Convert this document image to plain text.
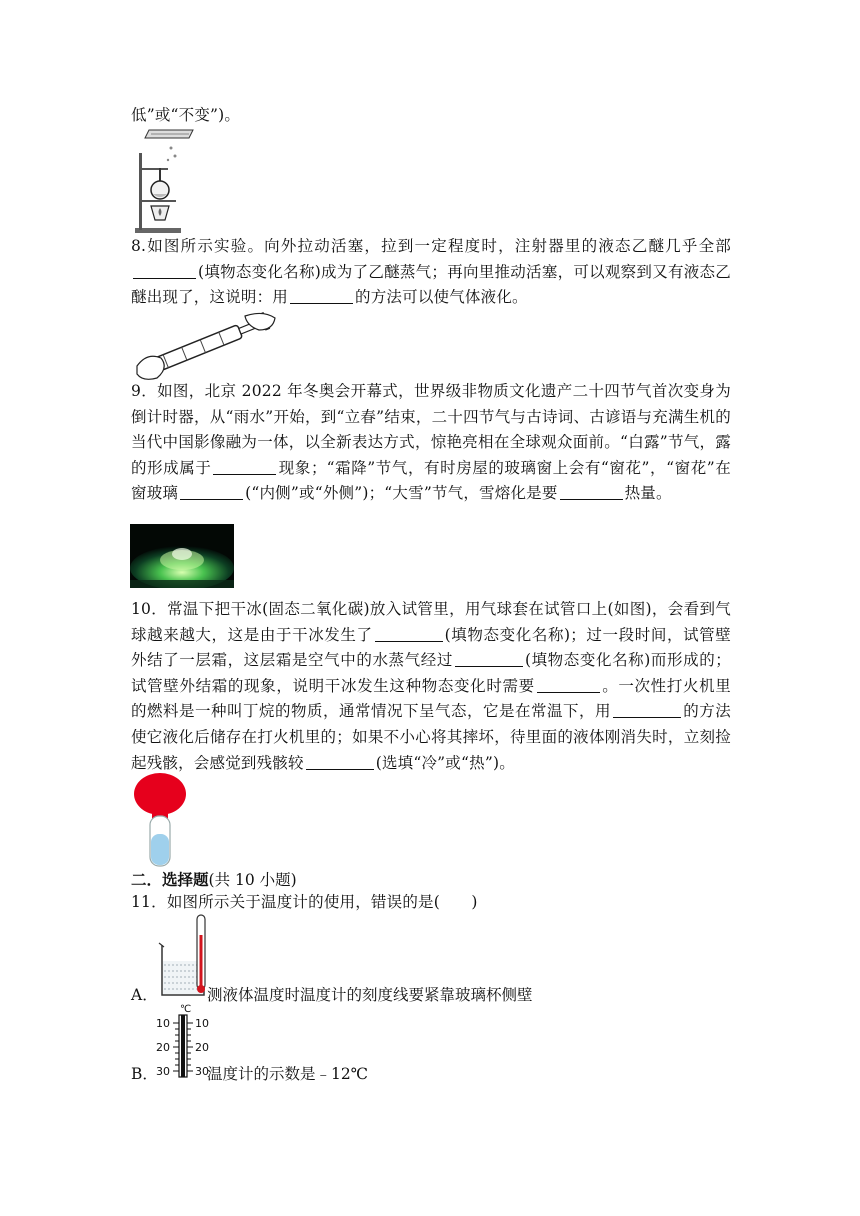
低”或“不变”)。
8.如图所示实验。向外拉动活塞，拉到一定程度时，注射器里的液态乙醚几乎全部(填物态变化名称)成为了乙醚蒸气；再向里推动活塞，可以观察到又有液态乙醚出现了，这说明：用	的方法可以使气体液化。
9．如图，北京 2022 年冬奥会开幕式，世界级非物质文化遗产二十四节气首次变身为倒计时器，从“雨水”开始，到“立春”结束，二十四节气与古诗词、古谚语与充满生机的当代中国影像融为一体，以全新表达方式，惊艳亮相在全球观众面前。“白露”节气，露的形成属于	现象；“霜降”节气，有时房屋的玻璃窗上会有“窗花”，“窗花”在窗玻璃	(“内侧”或“外侧”)；“大雪”节气，雪熔化是要	热量。
10．常温下把干冰(固态二氧化碳)放入试管里，用气球套在试管口上(如图)，会看到气球越来越大，这是由于干冰发生了	(填物态变化名称)；过一段时间，试管壁外结了一层霜，这层霜是空气中的水蒸气经过	(填物态变化名称)而形成的；试管壁外结霜的现象，说明干冰发生这种物态变化时需要	。一次性打火机里的燃料是一种叫丁烷的物质，通常情况下呈气态，它是在常温下，用	的方法使它液化后储存在打火机里的；如果不小心将其摔坏，待里面的液体刚消失时，立刻捡起残骸，会感觉到残骸较	(选填“冷”或“热”)。
二．选择题(共 10 小题)
11．如图所示关于温度计的使用，错误的是(　　)
A．	测液体温度时温度计的刻度线要紧靠玻璃杯侧壁
℃
10
20
30
10
20
30
B．	温度计的示数是﹣12℃
